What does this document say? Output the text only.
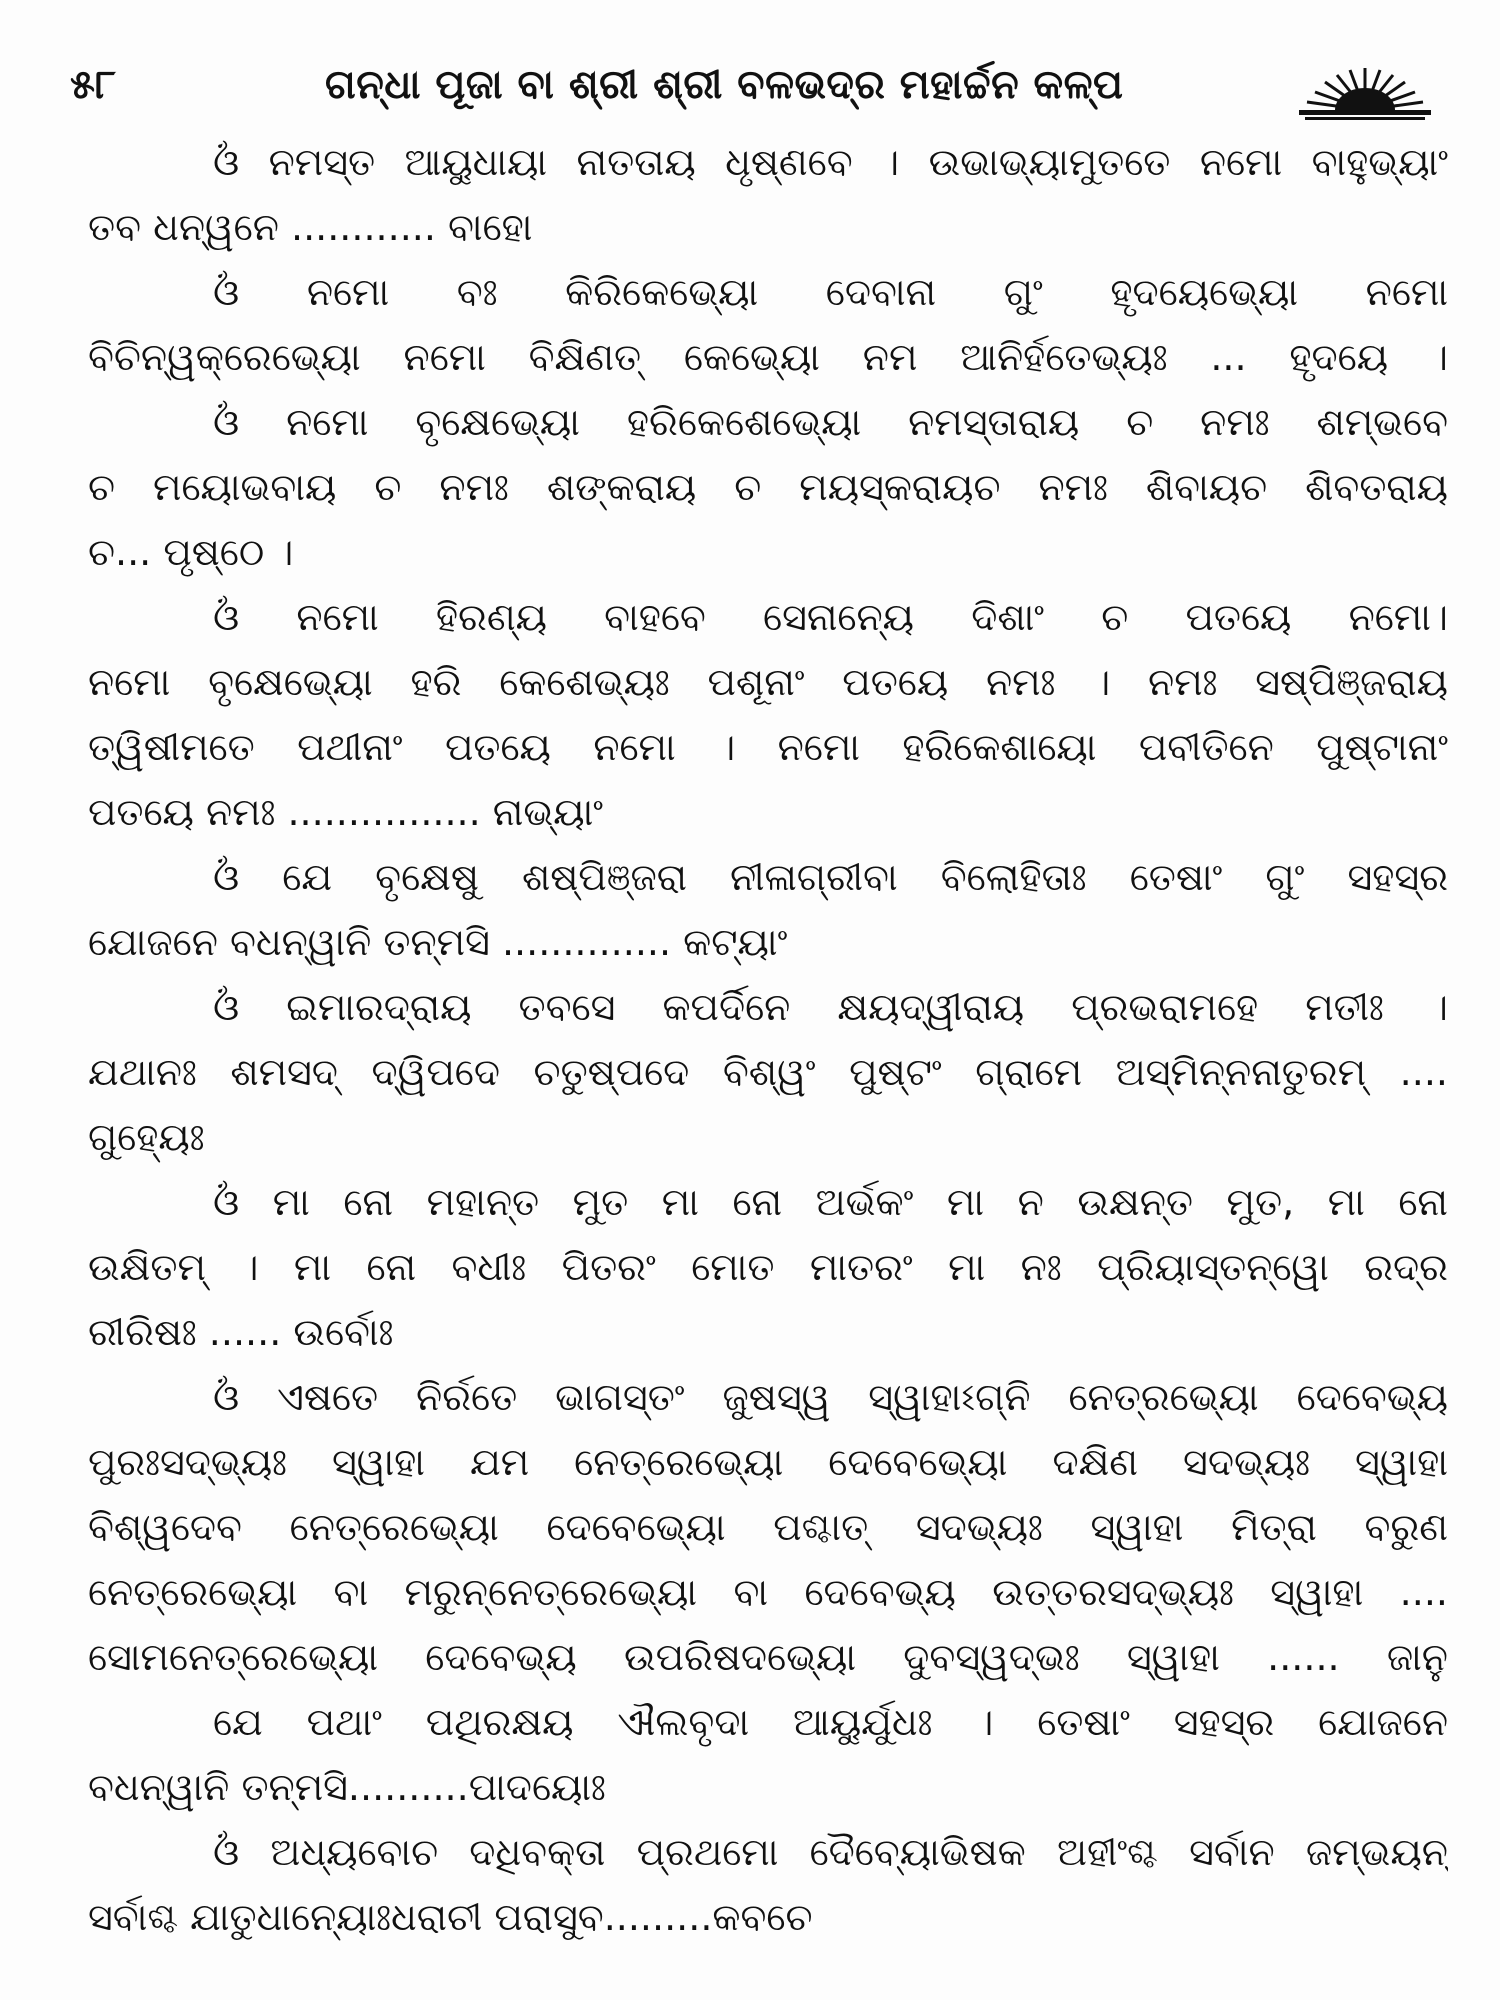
୫୮	ଗନ୍ଧା ପୂଜା ବା ଶ୍ରୀ ଶ୍ରୀ ବଳଭଦ୍ର ମହାର୍ଚ୍ଚନ କଳ୍ପ
ଓଁ ନମସ୍ତ ଆୟୁଧାୟା ନାତତାୟ ଧୃଷ୍ଣବେ । ଉଭାଭ୍ୟାମୁତତେ ନମୋ ବାହୁଭ୍ୟାଂ
ତବ ଧନ୍ୱନେ ............ ବାହୋ
ଓଁ ନମୋ ବଃ କିରିକେଭ୍ୟୋ ଦେବାନା ଗୁଂ ହୃଦୟେଭ୍ୟୋ ନମୋ
ବିଚିନ୍ୱକ୍ରେଭ୍ୟୋ ନମୋ ବିକ୍ଷିଣତ୍ କେଭ୍ୟୋ ନମ ଆନିର୍ହତେଭ୍ୟଃ ... ହୃଦୟେ ।
ଓଁ ନମୋ ବୃକ୍ଷେଭ୍ୟୋ ହରିକେଶେଭ୍ୟୋ ନମସ୍ତାରାୟ ଚ ନମଃ ଶମ୍ଭବେ
ଚ ମୟୋଭବାୟ ଚ ନମଃ ଶଙ୍କରାୟ ଚ ମୟସ୍କରାୟଚ ନମଃ ଶିବାୟଚ ଶିବତରାୟ
ଚ... ପୃଷ୍ଠେ ।
ଓଁ ନମୋ ହିରଣ୍ୟ ବାହବେ ସେନାନ୍ୟେ ଦିଶାଂ ଚ ପତୟେ ନମୋ।
ନମୋ ବୃକ୍ଷେଭ୍ୟୋ ହରି କେଶେଭ୍ୟଃ ପଶୂନାଂ ପତୟେ ନମଃ । ନମଃ ସଷ୍ପିଞ୍ଜରାୟ
ତ୍ୱିଷୀମତେ ପଥୀନାଂ ପତୟେ ନମୋ । ନମୋ ହରିକେଶାୟୋ ପବୀତିନେ ପୁଷ୍ଟାନାଂ
ପତୟେ ନମଃ ................ ନାଭ୍ୟାଂ
ଓଁ ଯେ ବୃକ୍ଷେଷୁ ଶଷ୍ପିଞ୍ଜରା ନୀଳାଗ୍ରୀବା ବିଲୋହିତାଃ ତେଷାଂ ଗୁଂ ସହସ୍ର
ଯୋଜନେ ବଧନ୍ୱାନି ତନ୍ମସି .............. କଟ୍ୟାଂ
ଓଁ ଇମାରଦ୍ରାୟ ତବସେ କପର୍ଦିନେ କ୍ଷୟଦ୍ୱୀରାୟ ପ୍ରଭରାମହେ ମତୀଃ ।
ଯଥାନଃ ଶମସଦ୍ ଦ୍ୱିପଦେ ଚତୁଷ୍ପଦେ ବିଶ୍ୱଂ ପୁଷ୍ଟଂ ଗ୍ରାମେ ଅସ୍ମିନ୍ନନାତୁରମ୍ ....
ଗୁହ୍ୟେଃ
ଓଁ ମା ନୋ ମହାନ୍ତ ମୁତ ମା ନୋ ଅର୍ଭକଂ ମା ନ ଉକ୍ଷନ୍ତ ମୁତ, ମା ନୋ
ଉକ୍ଷିତମ୍ । ମା ନୋ ବଧୀଃ ପିତରଂ ମୋତ ମାତରଂ ମା ନଃ ପ୍ରିୟାସ୍ତନ୍ୱୋ ରଦ୍ର
ରୀରିଷଃ ...... ଉର୍ବୋଃ
ଓଁ ଏଷତେ ନିର୍ରତେ ଭାଗସ୍ତଂ ଜୁଷସ୍ୱ ସ୍ୱାହାଽଗ୍ନି ନେତ୍ରଭ୍ୟୋ ଦେବେଭ୍ୟ
ପୁରଃସଦ୍ଭ୍ୟଃ ସ୍ୱାହା ଯମ ନେତ୍ରେଭ୍ୟୋ ଦେବେଭ୍ୟୋ ଦକ୍ଷିଣ ସଦଭ୍ୟଃ ସ୍ୱାହା
ବିଶ୍ୱଦେବ ନେତ୍ରେଭ୍ୟୋ ଦେବେଭ୍ୟୋ ପଶ୍ଚାତ୍ ସଦଭ୍ୟଃ ସ୍ୱାହା ମିତ୍ରା ବରୁଣ
ନେତ୍ରେଭ୍ୟୋ ବା ମରୁନ୍ନେତ୍ରେଭ୍ୟୋ ବା ଦେବେଭ୍ୟ ଉତ୍ତରସଦ୍ଭ୍ୟଃ ସ୍ୱାହା ....
ସୋମନେତ୍ରେଭ୍ୟୋ ଦେବେଭ୍ୟ ଉପରିଷଦଭ୍ୟୋ ଦୁବସ୍ୱଦ୍ଭଃ ସ୍ୱାହା ...... ଜାନୁ
ଯେ ପଥାଂ ପଥିରକ୍ଷୟ ଐଲବୃଦା ଆୟୁର୍ଯୁଧଃ । ତେଷାଂ ସହସ୍ର ଯୋଜନେ
ବଧନ୍ୱାନି ତନ୍ମସି..........ପାଦୟୋଃ
ଓଁ ଅଧ୍ୟବୋଚ ଦଧିବକ୍ତା ପ୍ରଥମୋ ଦୈବ୍ୟୋଭିଷକ ଅହୀଂଶ୍ଚ ସର୍ବାନ ଜମ୍ଭୟନ୍
ସର୍ବାଶ୍ଚ ଯାତୁଧାନ୍ୟୋଃଧରାଚୀ ପରାସୁବ.........କବଚେ
